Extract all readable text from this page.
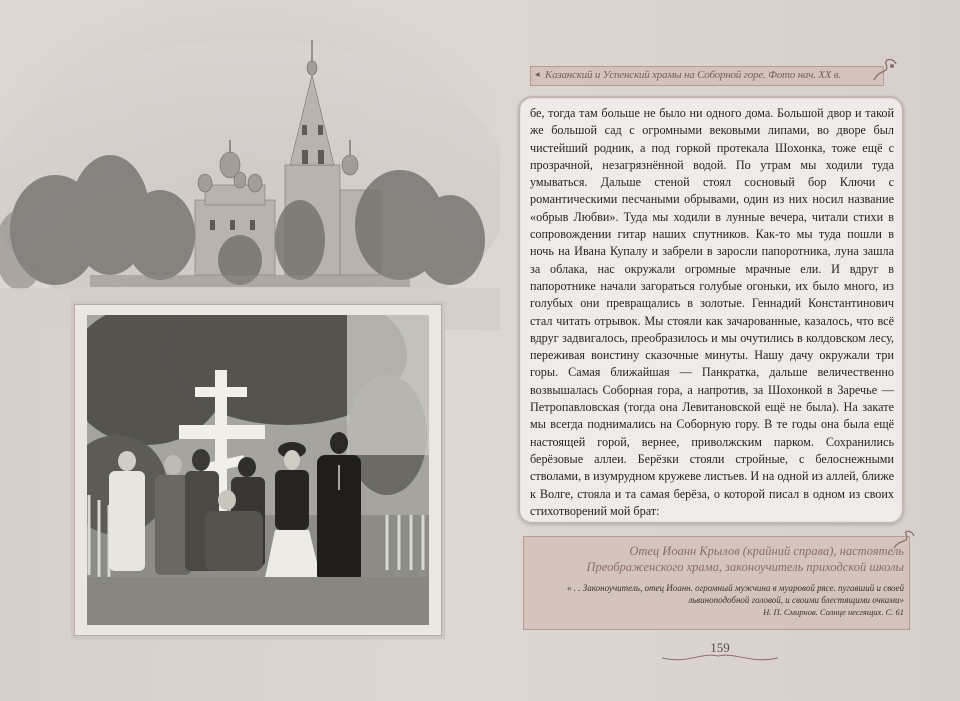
◂ Казанский и Успенский храмы на Соборной горе. Фото нач. XX в.

бе, тогда там больше не было ни одного дома. Большой двор и такой же большой сад с огромными вековыми липами, во дворе был чистейший родник, а под горкой протекала Шохонка, тоже ещё с прозрачной, незагрязнённой водой. По утрам мы ходили туда умываться. Дальше стеной стоял сосновый бор Ключи с романтическими песчаными обрывами, один из них носил название «обрыв Любви». Туда мы ходили в лунные вечера, читали стихи в сопровождении гитар наших спутников. Как-то мы туда пошли в ночь на Ивана Купалу и забрели в заросли папоротника, луна зашла за облака, нас окружали огромные мрачные ели. И вдруг в папоротнике начали загораться голубые огоньки, их было много, из голубых они превращались в золотые. Геннадий Константинович стал читать отрывок. Мы стояли как зачарованные, казалось, что всё вдруг задвигалось, преобразилось и мы очутились в колдовском лесу, переживая воистину сказочные минуты. Нашу дачу окружали три горы. Самая ближайшая — Панкратка, дальше величественно возвышалась Соборная гора, а напротив, за Шохонкой в Заречье — Петропавловская (тогда она Левитановской ещё не была). На закате мы всегда поднимались на Соборную гору. В те годы она была ещё настоящей горой, вернее, приволжским парком. Сохранились берёзовые аллеи. Берёзки стояли стройные, с белоснежными стволами, в изумрудном кружеве листьев. И на одной из аллей, ближе к Волге, стояла и та самая берёза, о которой писал в одном из своих стихотворений мой брат:

Отец Иоанн Крылов (крайний справа), настоятель Преображенского храма, законоучитель приходской школы
« . . Законоучитель, отец Иоанн. огромный мужчина в муаровой рясе. пугавший и своей львиноподобной головой, и своими блестящими очками»
Н. П. Смирнов. Солнце несгящих. С. 61
159
